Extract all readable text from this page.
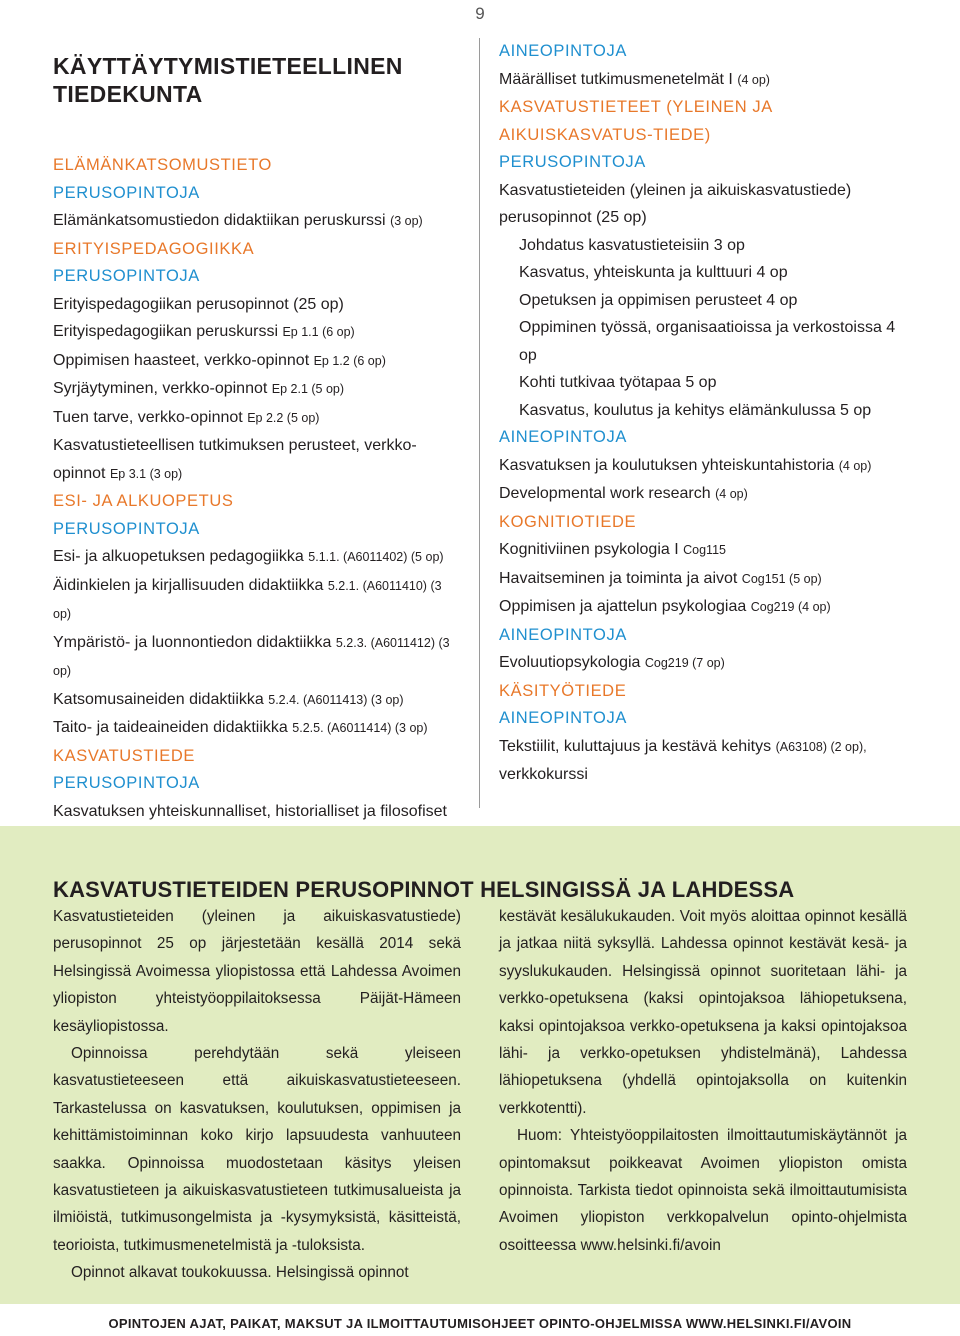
9
KÄYTTÄYTYMISTIETEELLINEN TIEDEKUNTA
ELÄMÄNKATSOMUSTIETO
PERUSOPINTOJA
Elämänkatsomustiedon didaktiikan peruskurssi (3 op)
ERITYISPEDAGOGIIKKA
PERUSOPINTOJA
Erityispedagogiikan perusopinnot (25 op)
Erityispedagogiikan peruskurssi Ep 1.1 (6 op)
Oppimisen haasteet, verkko-opinnot Ep 1.2 (6 op)
Syrjäytyminen, verkko-opinnot Ep 2.1 (5 op)
Tuen tarve, verkko-opinnot Ep 2.2 (5 op)
Kasvatustieteellisen tutkimuksen perusteet, verkko-opinnot Ep 3.1 (3 op)
ESI- JA ALKUOPETUS
PERUSOPINTOJA
Esi- ja alkuopetuksen pedagogiikka 5.1.1. (A6011402) (5 op)
Äidinkielen ja kirjallisuuden didaktiikka 5.2.1. (A6011410) (3 op)
Ympäristö- ja luonnontiedon didaktiikka 5.2.3. (A6011412) (3 op)
Katsomusaineiden didaktiikka 5.2.4. (A6011413) (3 op)
Taito- ja taideaineiden didaktiikka 5.2.5. (A6011414) (3 op)
KASVATUSTIEDE
PERUSOPINTOJA
Kasvatuksen yhteiskunnalliset, historialliset ja filosofiset
AINEOPINTOJA
Määrälliset tutkimusmenetelmät I (4 op)
KASVATUSTIETEET (YLEINEN JA AIKUISKASVATUS-TIEDE)
PERUSOPINTOJA
Kasvatustieteiden (yleinen ja aikuiskasvatustiede) perusopinnot (25 op)
Johdatus kasvatustieteisiin 3 op
Kasvatus, yhteiskunta ja kulttuuri 4 op
Opetuksen ja oppimisen perusteet 4 op
Oppiminen työssä, organisaatioissa ja verkostoissa 4 op
Kohti tutkivaa työtapaa 5 op
Kasvatus, koulutus ja kehitys elämänkulussa 5 op
AINEOPINTOJA
Kasvatuksen ja koulutuksen yhteiskuntahistoria (4 op)
Developmental work research (4 op)
KOGNITIOTIEDE
Kognitiviinen psykologia I Cog115
Havaitseminen ja toiminta ja aivot Cog151 (5 op)
Oppimisen ja ajattelun psykologiaa Cog219 (4 op)
AINEOPINTOJA
Evoluutiopsykologia Cog219 (7 op)
KÄSITYÖTIEDE
AINEOPINTOJA
Tekstiilit, kuluttajuus ja kestävä kehitys (A63108) (2 op), verkkokurssi
KASVATUSTIETEIDEN PERUSOPINNOT HELSINGISSÄ JA LAHDESSA

Kasvatustieteiden (yleinen ja aikuiskasvatustiede) perusopinnot 25 op järjestetään kesällä 2014 sekä Helsingissä Avoimessa yliopistossa että Lahdessa Avoimen yliopiston yhteistyöoppilaitoksessa Päijät-Hämeen kesäyliopistossa.

Opinnoissa perehdytään sekä yleiseen kasvatustieteeseen että aikuiskasvatustieteeseen. Tarkastelussa on kasvatuksen, koulutuksen, oppimisen ja kehittämistoiminnan koko kirjo lapsuudesta vanhuuteen saakka. Opinnoissa muodostetaan käsitys yleisen kasvatustieteen ja aikuiskasvatustieteen tutkimusalueista ja ilmiöistä, tutkimusongelmista ja -kysymyksistä, käsitteistä, teorioista, tutkimusmenetelmistä ja -tuloksista.

Opinnot alkavat toukokuussa. Helsingissä opinnot

kestävät kesälukukauden. Voit myös aloittaa opinnot kesällä ja jatkaa niitä syksyllä. Lahdessa opinnot kestävät kesä- ja syyslukukauden. Helsingissä opinnot suoritetaan lähi- ja verkko-opetuksena (kaksi opintojaksoa lähiopetuksena, kaksi opintojaksoa verkko-opetuksena ja kaksi opintojaksoa lähi- ja verkko-opetuksen yhdistelmänä), Lahdessa lähiopetuksena (yhdellä opintojaksolla on kuitenkin verkkotentti).

Huom: Yhteistyöoppilaitosten ilmoittautumiskäytännöt ja opintomaksut poikkeavat Avoimen yliopiston omista opinnoista. Tarkista tiedot opinnoista sekä ilmoittautumisista Avoimen yliopiston verkkopalvelun opinto-ohjelmista osoitteessa www.helsinki.fi/avoin

OPINTOJEN AJAT, PAIKAT, MAKSUT JA ILMOITTAUTUMISOHJEET OPINTO-OHJELMISSA WWW.HELSINKI.FI/AVOIN
